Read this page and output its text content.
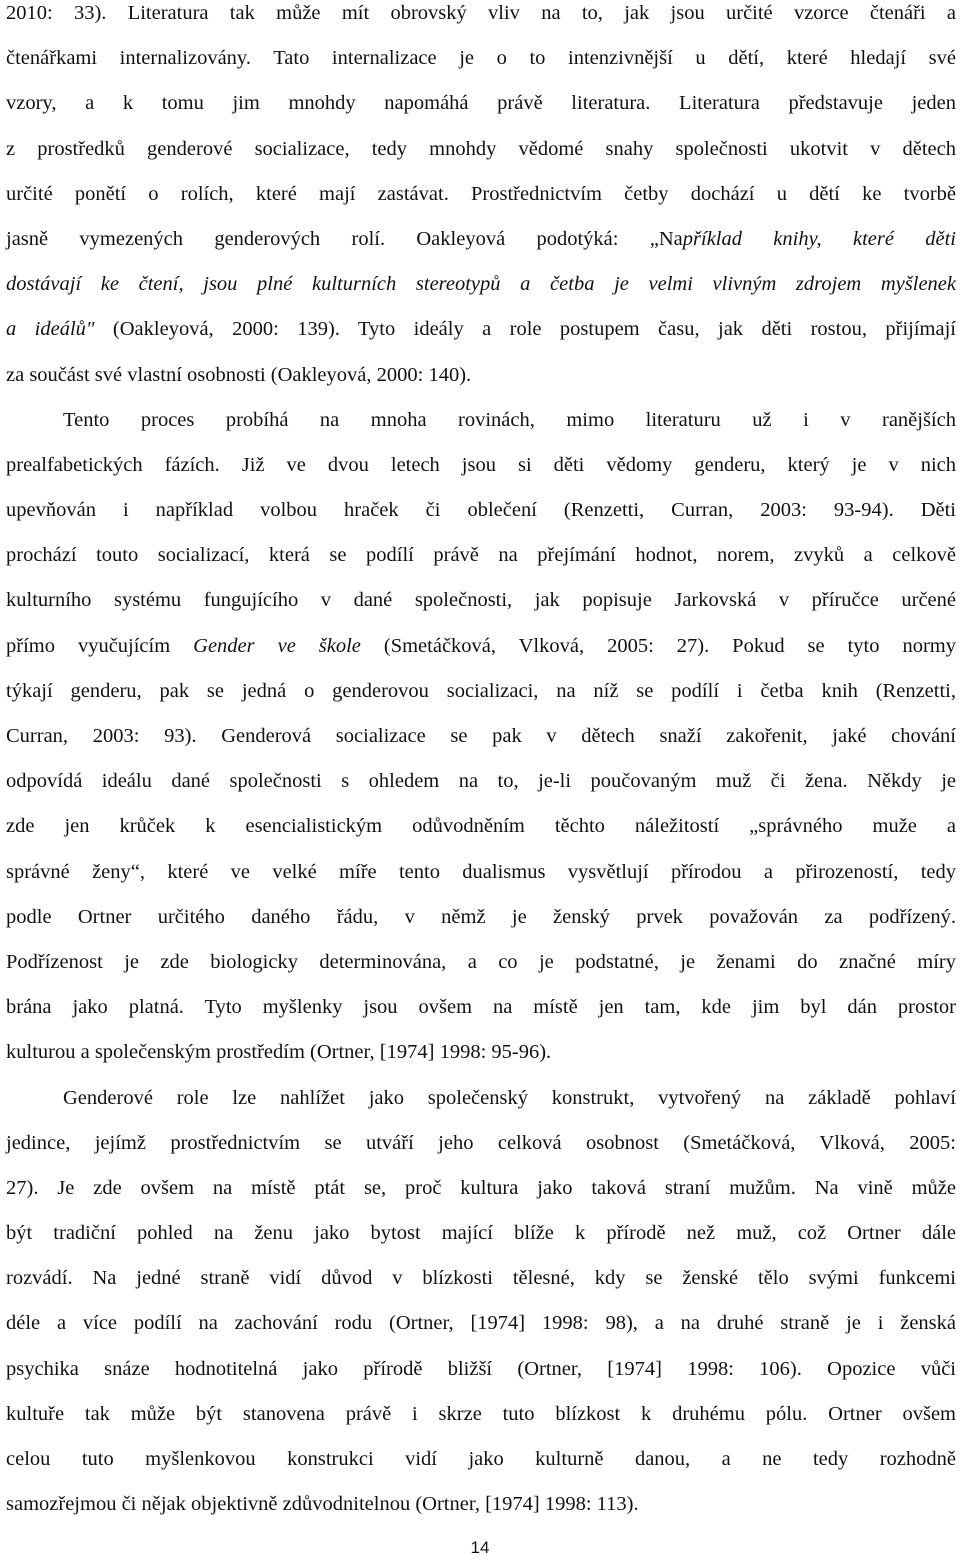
2010: 33). Literatura tak může mít obrovský vliv na to, jak jsou určité vzorce čtenáři a
čtenářkami internalizovány. Tato internalizace je o to intenzivnější u dětí, které hledají své
vzory, a k tomu jim mnohdy napomáhá právě literatura. Literatura představuje jeden
z prostředků genderové socializace, tedy mnohdy vědomé snahy společnosti ukotvit v dětech
určité ponětí o rolích, které mají zastávat. Prostřednictvím četby dochází u dětí ke tvorbě
jasně vymezených genderových rolí. Oakleyová podotýká: „Například knihy, které děti
dostávají ke čtení, jsou plné kulturních stereotypů a četba je velmi vlivným zdrojem myšlenek
a ideálů" (Oakleyová, 2000: 139). Tyto ideály a role postupem času, jak děti rostou, přijímají
za součást své vlastní osobnosti (Oakleyová, 2000: 140).
Tento proces probíhá na mnoha rovinách, mimo literaturu už i v ranějších
prealfabetických fázích. Již ve dvou letech jsou si děti vědomy genderu, který je v nich
upevňován i například volbou hraček či oblečení (Renzetti, Curran, 2003: 93-94). Děti
prochází touto socializací, která se podílí právě na přejímání hodnot, norem, zvyků a celkově
kulturního systému fungujícího v dané společnosti, jak popisuje Jarkovská v příručce určené
přímo vyučujícím Gender ve škole (Smetáčková, Vlková, 2005: 27). Pokud se tyto normy
týkají genderu, pak se jedná o genderovou socializaci, na níž se podílí i četba knih (Renzetti,
Curran, 2003: 93). Genderová socializace se pak v dětech snaží zakořenit, jaké chování
odpovídá ideálu dané společnosti s ohledem na to, je-li poučovaným muž či žena. Někdy je
zde jen krůček k esencialistickým odůvodněním těchto náležitostí „správného muže a
správné ženy“, které ve velké míře tento dualismus vysvětlují přírodou a přirozeností, tedy
podle Ortner určitého daného řádu, v němž je ženský prvek považován za podřízený.
Podřízenost je zde biologicky determinována, a co je podstatné, je ženami do značné míry
brána jako platná. Tyto myšlenky jsou ovšem na místě jen tam, kde jim byl dán prostor
kulturou a společenským prostředím (Ortner, [1974] 1998: 95-96).
Genderové role lze nahlížet jako společenský konstrukt, vytvořený na základě pohlaví
jedince, jejímž prostřednictvím se utváří jeho celková osobnost (Smetáčková, Vlková, 2005:
27). Je zde ovšem na místě ptát se, proč kultura jako taková straní mužům. Na vině může
být tradiční pohled na ženu jako bytost mající blíže k přírodě než muž, což Ortner dále
rozvádí. Na jedné straně vidí důvod v blízkosti tělesné, kdy se ženské tělo svými funkcemi
déle a více podílí na zachování rodu (Ortner, [1974] 1998: 98), a na druhé straně je i ženská
psychika snáze hodnotitelná jako přírodě bližší (Ortner, [1974] 1998: 106). Opozice vůči
kultuře tak může být stanovena právě i skrze tuto blízkost k druhému pólu. Ortner ovšem
celou tuto myšlenkovou konstrukci vidí jako kulturně danou, a ne tedy rozhodně
samozřejmou či nějak objektivně zdůvodnitelnou (Ortner, [1974] 1998: 113).
14
